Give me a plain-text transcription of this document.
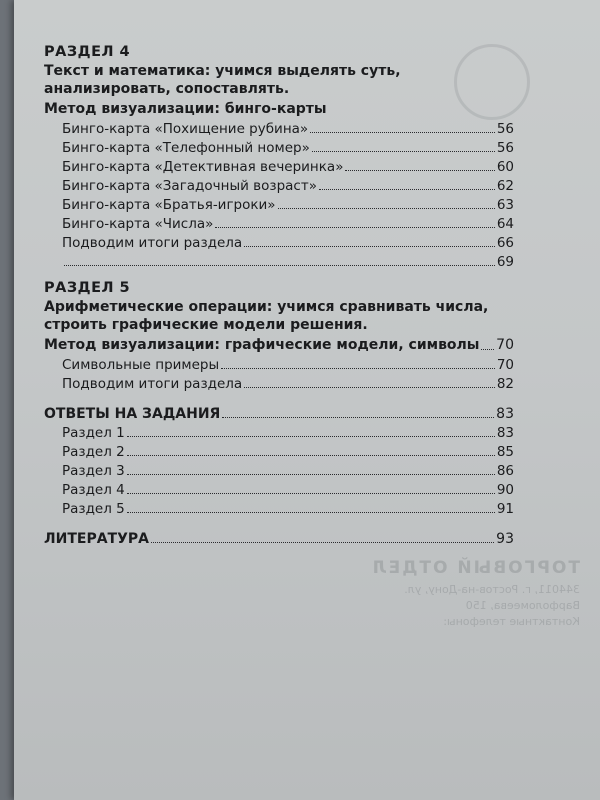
ТОРГОВЫЙ ОТДЕЛ
344011, г. Ростов-на-Дону, ул. Варфоломеева, 150
Контактные телефоны:
РАЗДЕЛ 4
Текст и математика: учимся выделять суть,
анализировать, сопоставлять.
Метод визуализации: бинго-карты
Бинго-карта «Похищение рубина»	56
Бинго-карта «Телефонный номер»	56
Бинго-карта «Детективная вечеринка»	60
Бинго-карта «Загадочный возраст»	62
Бинго-карта «Братья-игроки»	63
Бинго-карта «Числа»	64
Подводим итоги раздела	66
69
РАЗДЕЛ 5
Арифметические операции: учимся сравнивать числа,
строить графические модели решения.
Метод визуализации: графические модели, символы 70
Символьные примеры	70
Подводим итоги раздела	82
ОТВЕТЫ НА ЗАДАНИЯ	83
Раздел 1	83
Раздел 2	85
Раздел 3	86
Раздел 4	90
Раздел 5	91
ЛИТЕРАТУРА	93
